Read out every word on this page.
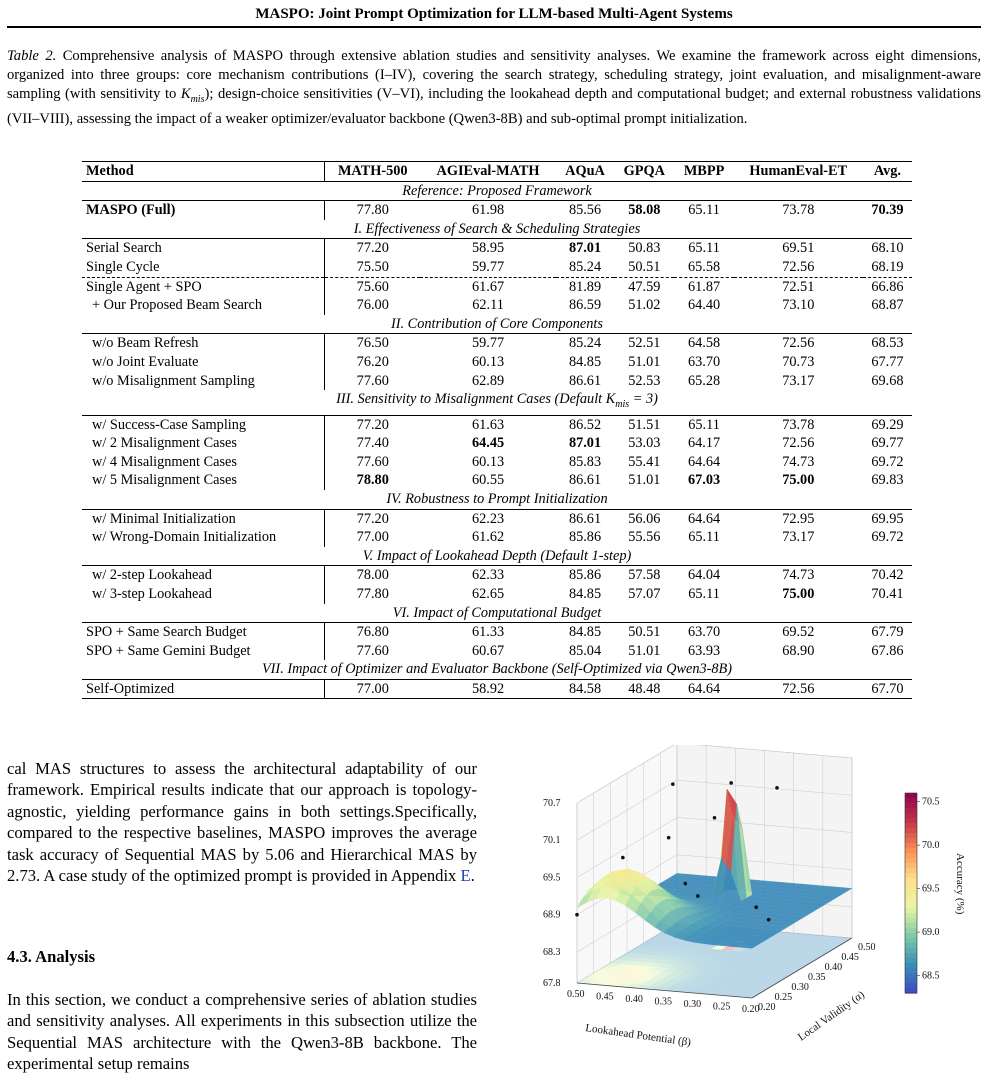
MASPO: Joint Prompt Optimization for LLM-based Multi-Agent Systems
Table 2. Comprehensive analysis of MASPO through extensive ablation studies and sensitivity analyses. We examine the framework across eight dimensions, organized into three groups: core mechanism contributions (I–IV), covering the search strategy, scheduling strategy, joint evaluation, and misalignment-aware sampling (with sensitivity to $K_{mis}$); design-choice sensitivities (V–VI), including the lookahead depth and computational budget; and external robustness validations (VII–VIII), assessing the impact of a weaker optimizer/evaluator backbone (Qwen3-8B) and sub-optimal prompt initialization.
Method	MATH-500	AGIEval-MATH	AQuA	GPQA	MBPP	HumanEval-ET	Avg.
Reference: Proposed Framework							
MASPO (Full)	77.80	61.98	85.56	58.08	65.11	73.78	70.39
I. Effectiveness of Search & Scheduling Strategies							
Serial Search	77.20	58.95	87.01	50.83	65.11	69.51	68.10
Single Cycle	75.50	59.77	85.24	50.51	65.58	72.56	68.19
Single Agent + SPO	75.60	61.67	81.89	47.59	61.87	72.51	66.86
+ Our Proposed Beam Search	76.00	62.11	86.59	51.02	64.40	73.10	68.87
II. Contribution of Core Components							
w/o Beam Refresh	76.50	59.77	85.24	52.51	64.58	72.56	68.53
w/o Joint Evaluate	76.20	60.13	84.85	51.01	63.70	70.73	67.77
w/o Misalignment Sampling	77.60	62.89	86.61	52.53	65.28	73.17	69.68
III. Sensitivity to Misalignment Cases (Default $K_{mis} = 3$)							
w/ Success-Case Sampling	77.20	61.63	86.52	51.51	65.11	73.78	69.29
w/ 2 Misalignment Cases	77.40	64.45	87.01	53.03	64.17	72.56	69.77
w/ 4 Misalignment Cases	77.60	60.13	85.83	55.41	64.64	74.73	69.72
w/ 5 Misalignment Cases	78.80	60.55	86.61	51.01	67.03	75.00	69.83
IV. Robustness to Prompt Initialization							
w/ Minimal Initialization	77.20	62.23	86.61	56.06	64.64	72.95	69.95
w/ Wrong-Domain Initialization	77.00	61.62	85.86	55.56	65.11	73.17	69.72
V. Impact of Lookahead Depth (Default 1-step)							
w/ 2-step Lookahead	78.00	62.33	85.86	57.58	64.04	74.73	70.42
w/ 3-step Lookahead	77.80	62.65	84.85	57.07	65.11	75.00	70.41
VI. Impact of Computational Budget							
SPO + Same Search Budget	76.80	61.33	84.85	50.51	63.70	69.52	67.79
SPO + Same Gemini Budget	77.60	60.67	85.04	51.01	63.93	68.90	67.86
VII. Impact of Optimizer and Evaluator Backbone (Self-Optimized via Qwen3-8B)							
Self-Optimized	77.00	58.92	84.58	48.48	64.64	72.56	67.70
cal MAS structures to assess the architectural adaptability of our framework. Empirical results indicate that our approach is topology-agnostic, yielding performance gains in both settings.Specifically, compared to the respective baselines, MASPO improves the average task accuracy of Sequential MAS by 5.06 and Hierarchical MAS by 2.73. A case study of the optimized prompt is provided in Appendix E.
4.3. Analysis
In this section, we conduct a comprehensive series of ablation studies and sensitivity analyses. All experiments in this subsection utilize the Sequential MAS architecture with the Qwen3-8B backbone. The experimental setup remains
67.8
68.3
68.9
69.5
70.1
70.7
0.50 0.45 0.40 0.35 0.30 0.25 0.20
0.20
0.25
0.30
0.35
0.40
0.45
0.50
Lookahead Potential (β)	Local Validity (α)
70.5
70.0
69.5
69.0
68.5
Accuracy (%)
